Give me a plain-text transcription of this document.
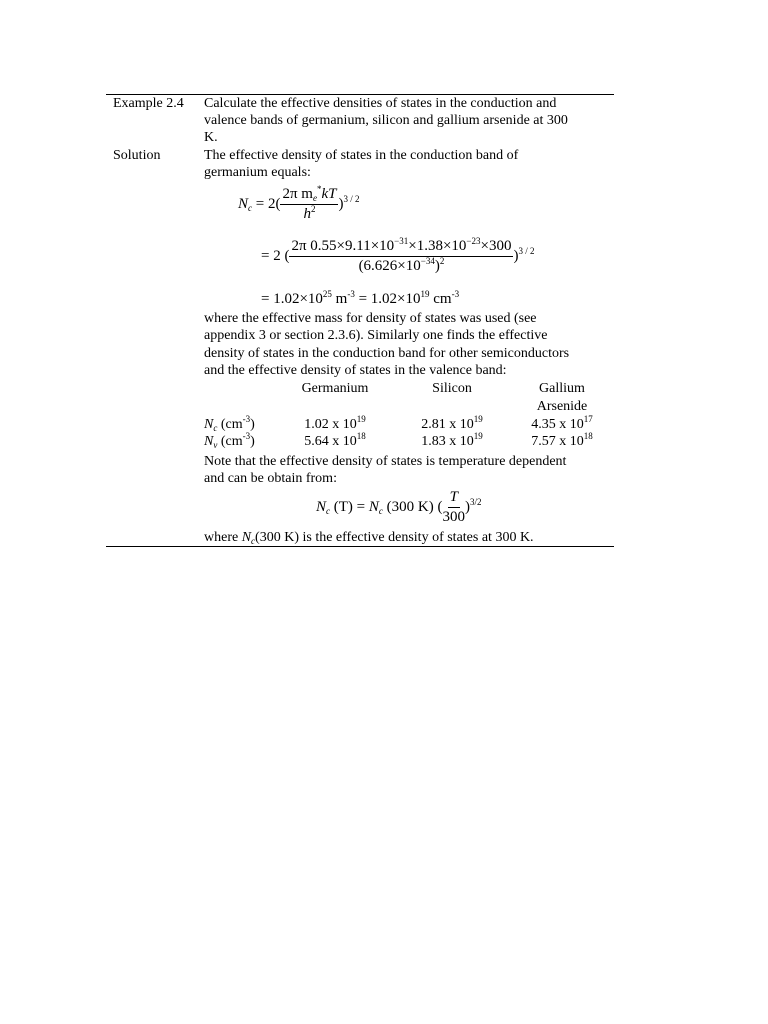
Example 2.4 Calculate the effective densities of states in the conduction and
valence bands of germanium, silicon and gallium arsenide at 300
K.
Solution	The effective density of states in the conduction band of
germanium equals:
$N_c = 2( \frac{2\pi m_e^*kT}{h^2} )^{3 / 2}$
= 2 ( $\frac{2\pi 0.55\times 9.11\times 10^{-31}\times 1.38\times 10^{-23}\times 300}{(6.626\times 10^{-34})^2} )^{3 / 2}$
= $1.02\times 10^{25}$ $m^{-3} = 1.02\times 10^{19}$ $cm^{-3}$
where the effective mass for density of states was used (see
appendix 3 or section 2.3.6). Similarly one finds the effective
density of states in the conduction band for other semiconductors
and the effective density of states in the valence band:
Germanium	Silicon	Gallium
Arsenide
$N_c$ $(cm^{-3})$	1.02 x $10^{19}$	2.81 x $10^{19}$	4.35 x $10^{17}$
$N_v$ $(cm^{-3})$	5.64 x $10^{18}$	1.83 x $10^{19}$	7.57 x $10^{18}$
Note that the effective density of states is temperature dependent
and can be obtain from:
$N_c$ $(T) = N_c$ (300 K) ( $\frac{T}{300} )^{3/2}$
where $N_c(300$ K) is the effective density of states at 300 K.
